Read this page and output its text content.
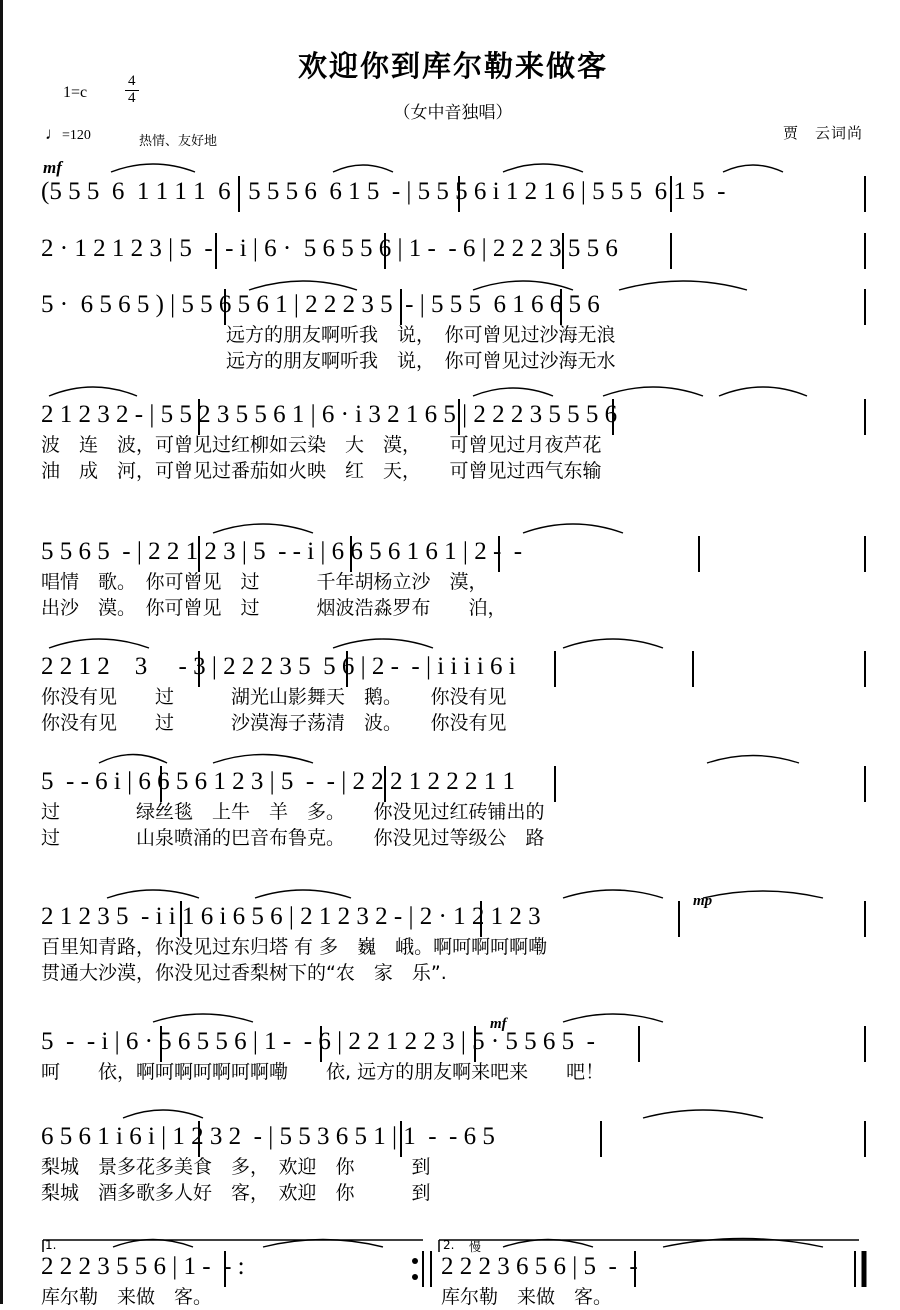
欢迎你到库尔勒来做客
（女中音独唱）
1=c	$\frac{4}{4}$
♩=120	热情、友好地	贾　云词尚
mf
(5 5 5  6  1 1 1 1  6 | 5 5 5 6  6 1 5  - | 5 5 5 6 i 1 2 1 6 | 5 5 5  6 1 5  -
2 · 1 2 1 2 3 | 5  -  - i | 6 ·  5 6 5 5 6 | 1 -  - 6 | 2 2 2 3 5 5 6
5 ·  6 5 6 5 ) | 5 5 6 5 6 1 | 2 2 2 3 5  - | 5 5 5  6 1 6 6 5 6
远方的朋友啊听我　说，　你可曾见过沙海无浪
远方的朋友啊听我　说，　你可曾见过沙海无水
2 1 2 3 2 - | 5 5 2 3 5 5 6 1 | 6 · i 3 2 1 6 5 | 2 2 2 3 5 5 5 6
波　连　波，可曾见过红柳如云染　大　漠，　　可曾见过月夜芦花
油　成　河，可曾见过番茄如火映　红　天，　　可曾见过西气东输
5 5 6 5  - | 2 2 1 2 3 | 5  - - i | 6 6 5 6 1 6 1 | 2 -  -
唱情　歌。　你可曾见　过　　　千年胡杨立沙　漠，
出沙　漠。　你可曾见　过　　　烟波浩淼罗布　　泊，
2 2 1 2　3 　- 3 | 2 2 2 3 5  5 6 | 2 -  - | i i i i 6 i
你没有见　　过　　　湖光山影舞天　鹅。　　你没有见
你没有见　　过　　　沙漠海子荡清　波。　　你没有见
5  - - 6 i | 6 6 5 6 1 2 3 | 5  -  - | 2 2 2 1 2 2 2 1 1
过　　　　绿丝毯　上牛　羊　多。　　你没见过红砖铺出的
过　　　　山泉喷涌的巴音布鲁克。　　你没见过等级公　路
2 1 2 3 5  - i i 1 6 i 6 5 6 | 2 1 2 3 2 - | 2 · 1 2 1 2 3
百里知青路，你没见过东归塔 有 多　巍　峨。啊呵啊呵啊嘞
贯通大沙漠，你没见过香梨树下的“农　家　乐”.
mp
5  -  - i | 6 · 5 6 5 5 6 | 1 -  - 6 | 2 2 1 2 2 3 | 5 · 5 5 6 5  -
呵　　依，啊呵啊呵啊呵啊嘞　　依, 远方的朋友啊来吧来　　吧！
mf
6 5 6 1 i 6 i | 1 2 3 2  - | 5 5 3 6 5 1 | 1  -  - 6 5
梨城　景多花多美食　多，　欢迎　你　　　到
梨城　酒多歌多人好　客，　欢迎　你　　　到
2 2 2 3 5 5 6 | 1 -  - :
库尔勒　来做　客。
2 2 2 3 6 5 6 | 5  -  -
库尔勒　来做　客。
1.	2. 慢
